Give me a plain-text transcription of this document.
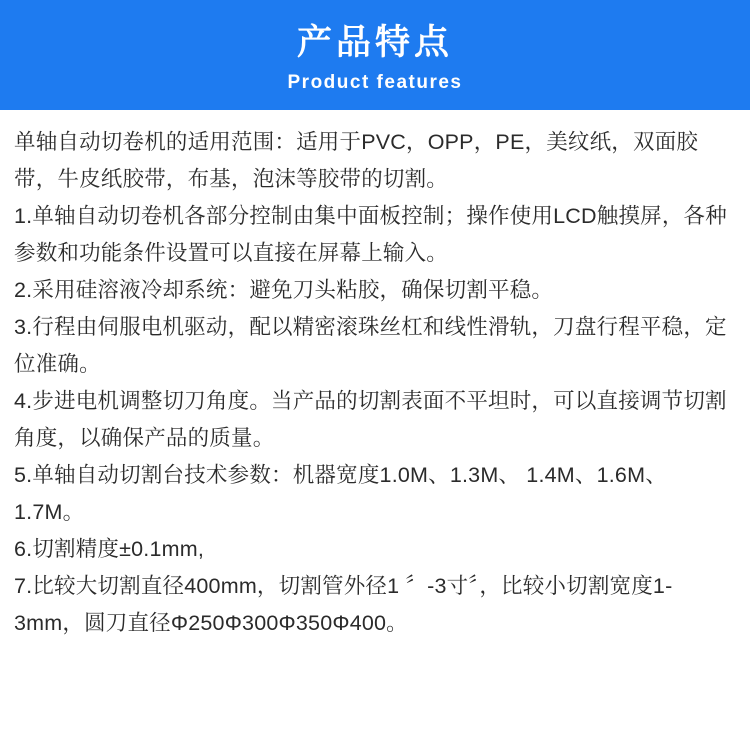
产品特点
Product features

单轴自动切卷机的适用范围：适用于PVC，OPP，PE，美纹纸，双面胶带，牛皮纸胶带，布基，泡沫等胶带的切割。

1.单轴自动切卷机各部分控制由集中面板控制；操作使用LCD触摸屏，各种参数和功能条件设置可以直接在屏幕上输入。

2.采用硅溶液冷却系统：避免刀头粘胶，确保切割平稳。

3.行程由伺服电机驱动，配以精密滚珠丝杠和线性滑轨，刀盘行程平稳，定位准确。

4.步进电机调整切刀角度。当产品的切割表面不平坦时，可以直接调节切割角度，以确保产品的质量。

5.单轴自动切割台技术参数：机器宽度1.0M、1.3M、 1.4M、1.6M、1.7M。

6.切割精度±0.1mm,

7.比较大切割直径400mm，切割管外径1 〞-3寸〞，比较小切割宽度1-3mm，圆刀直径Φ250Φ300Φ350Φ400。
